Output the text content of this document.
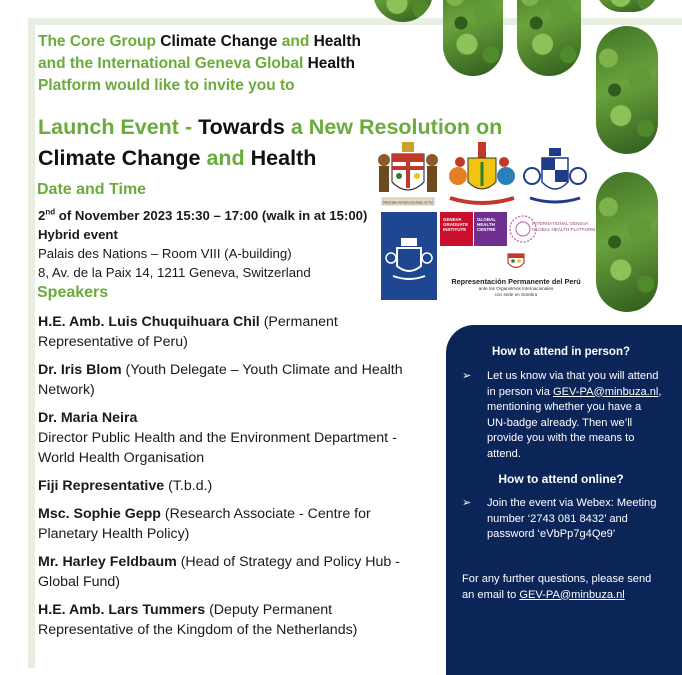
The Core Group Climate Change and Health
and the International Geneva Global Health
Platform would like to invite you to
Launch Event - Towards a New Resolution on
Climate Change and Health
Date and Time
2nd of November 2023 15:30 – 17:00 (walk in at 15:00)
Hybrid event
Palais des Nations – Room VIII (A-building)
8, Av. de la Paix 14, 1211 Geneva, Switzerland
Speakers
H.E. Amb. Luis Chuquihuara Chil (Permanent Representative of Peru)
Dr. Iris Blom (Youth Delegate – Youth Climate and Health Network)
Dr. Maria Neira
Director Public Health and the Environment Department - World Health Organisation
Fiji Representative (T.b.d.)
Msc. Sophie Gepp (Research Associate - Centre for Planetary Health Policy)
Mr. Harley Feldbaum (Head of Strategy and Policy Hub - Global Fund)
H.E. Amb. Lars Tummers (Deputy Permanent Representative of the Kingdom of the Netherlands)
Rerevaka na Kalou ka Doka na Tui
GENEVA GRADUATE INSTITUTE
GLOBAL HEALTH CENTRE
INTERNATIONAL GENEVA
GLOBAL HEALTH PLATFORM
Representación Permanente del Perú
ante los Organismos Internacionales
con sede en Ginebra
How to attend in person?
➢ Let us know via that you will attend in person via GEV-PA@minbuza.nl, mentioning whether you have a UN-badge already. Then we’ll provide you with the means to attend.
How to attend online?
➢ Join the event via Webex: Meeting number ‘2743 081 8432’ and password ‘eVbPp7g4Qe9’
For any further questions, please send an email to GEV-PA@minbuza.nl
